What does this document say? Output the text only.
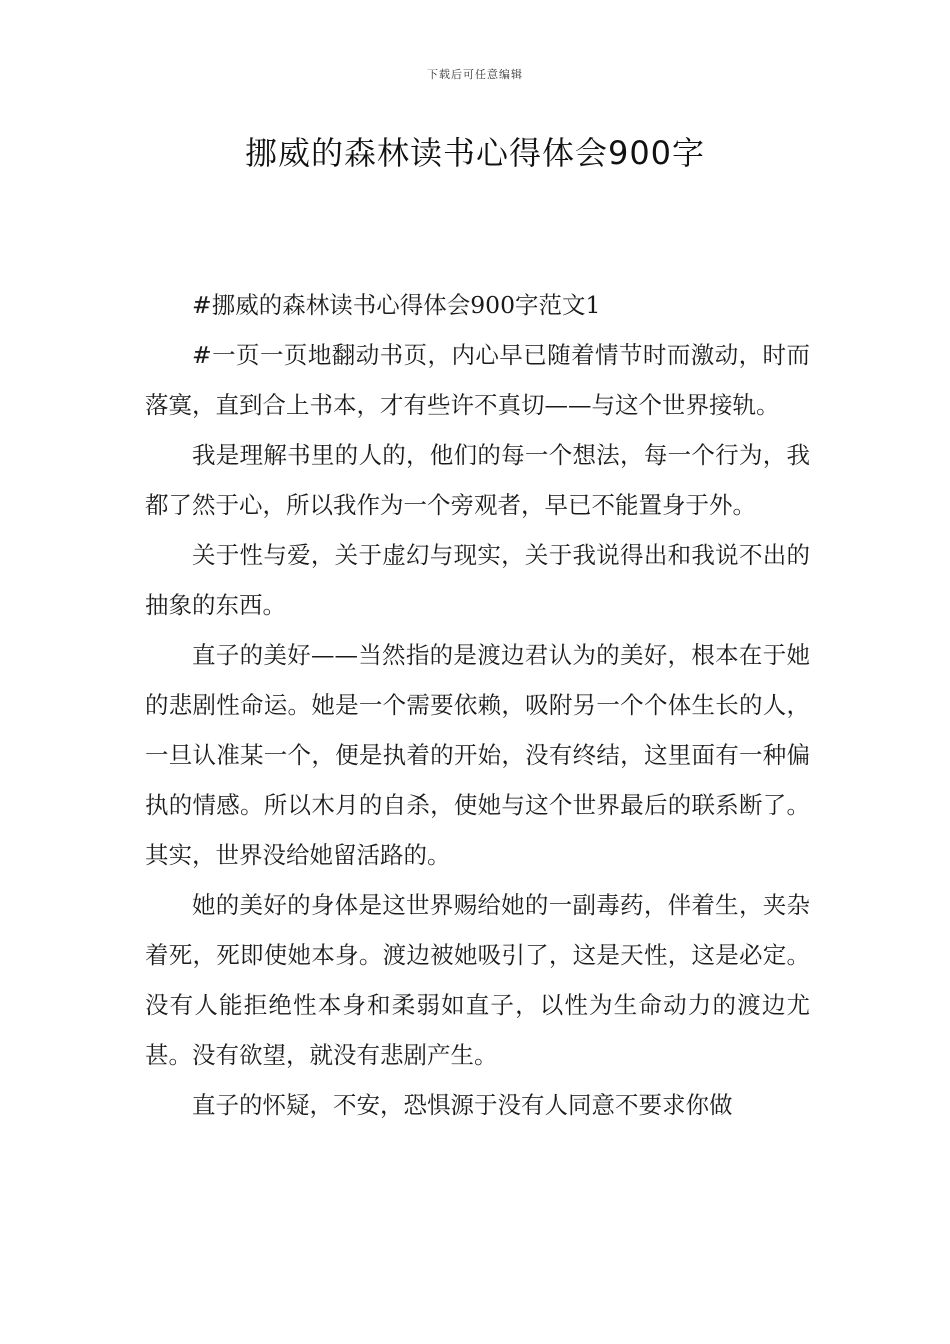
下载后可任意编辑
挪威的森林读书心得体会900字

#挪威的森林读书心得体会900字范文1

#一页一页地翻动书页，内心早已随着情节时而激动，时而落寞，直到合上书本，才有些许不真切——与这个世界接轨。

我是理解书里的人的，他们的每一个想法，每一个行为，我都了然于心，所以我作为一个旁观者，早已不能置身于外。

关于性与爱，关于虚幻与现实，关于我说得出和我说不出的抽象的东西。

直子的美好——当然指的是渡边君认为的美好，根本在于她的悲剧性命运。她是一个需要依赖，吸附另一个个体生长的人，一旦认准某一个，便是执着的开始，没有终结，这里面有一种偏执的情感。所以木月的自杀，使她与这个世界最后的联系断了。其实，世界没给她留活路的。

她的美好的身体是这世界赐给她的一副毒药，伴着生，夹杂着死，死即使她本身。渡边被她吸引了，这是天性，这是必定。没有人能拒绝性本身和柔弱如直子，以性为生命动力的渡边尤甚。没有欲望，就没有悲剧产生。

直子的怀疑，不安，恐惧源于没有人同意不要求你做
